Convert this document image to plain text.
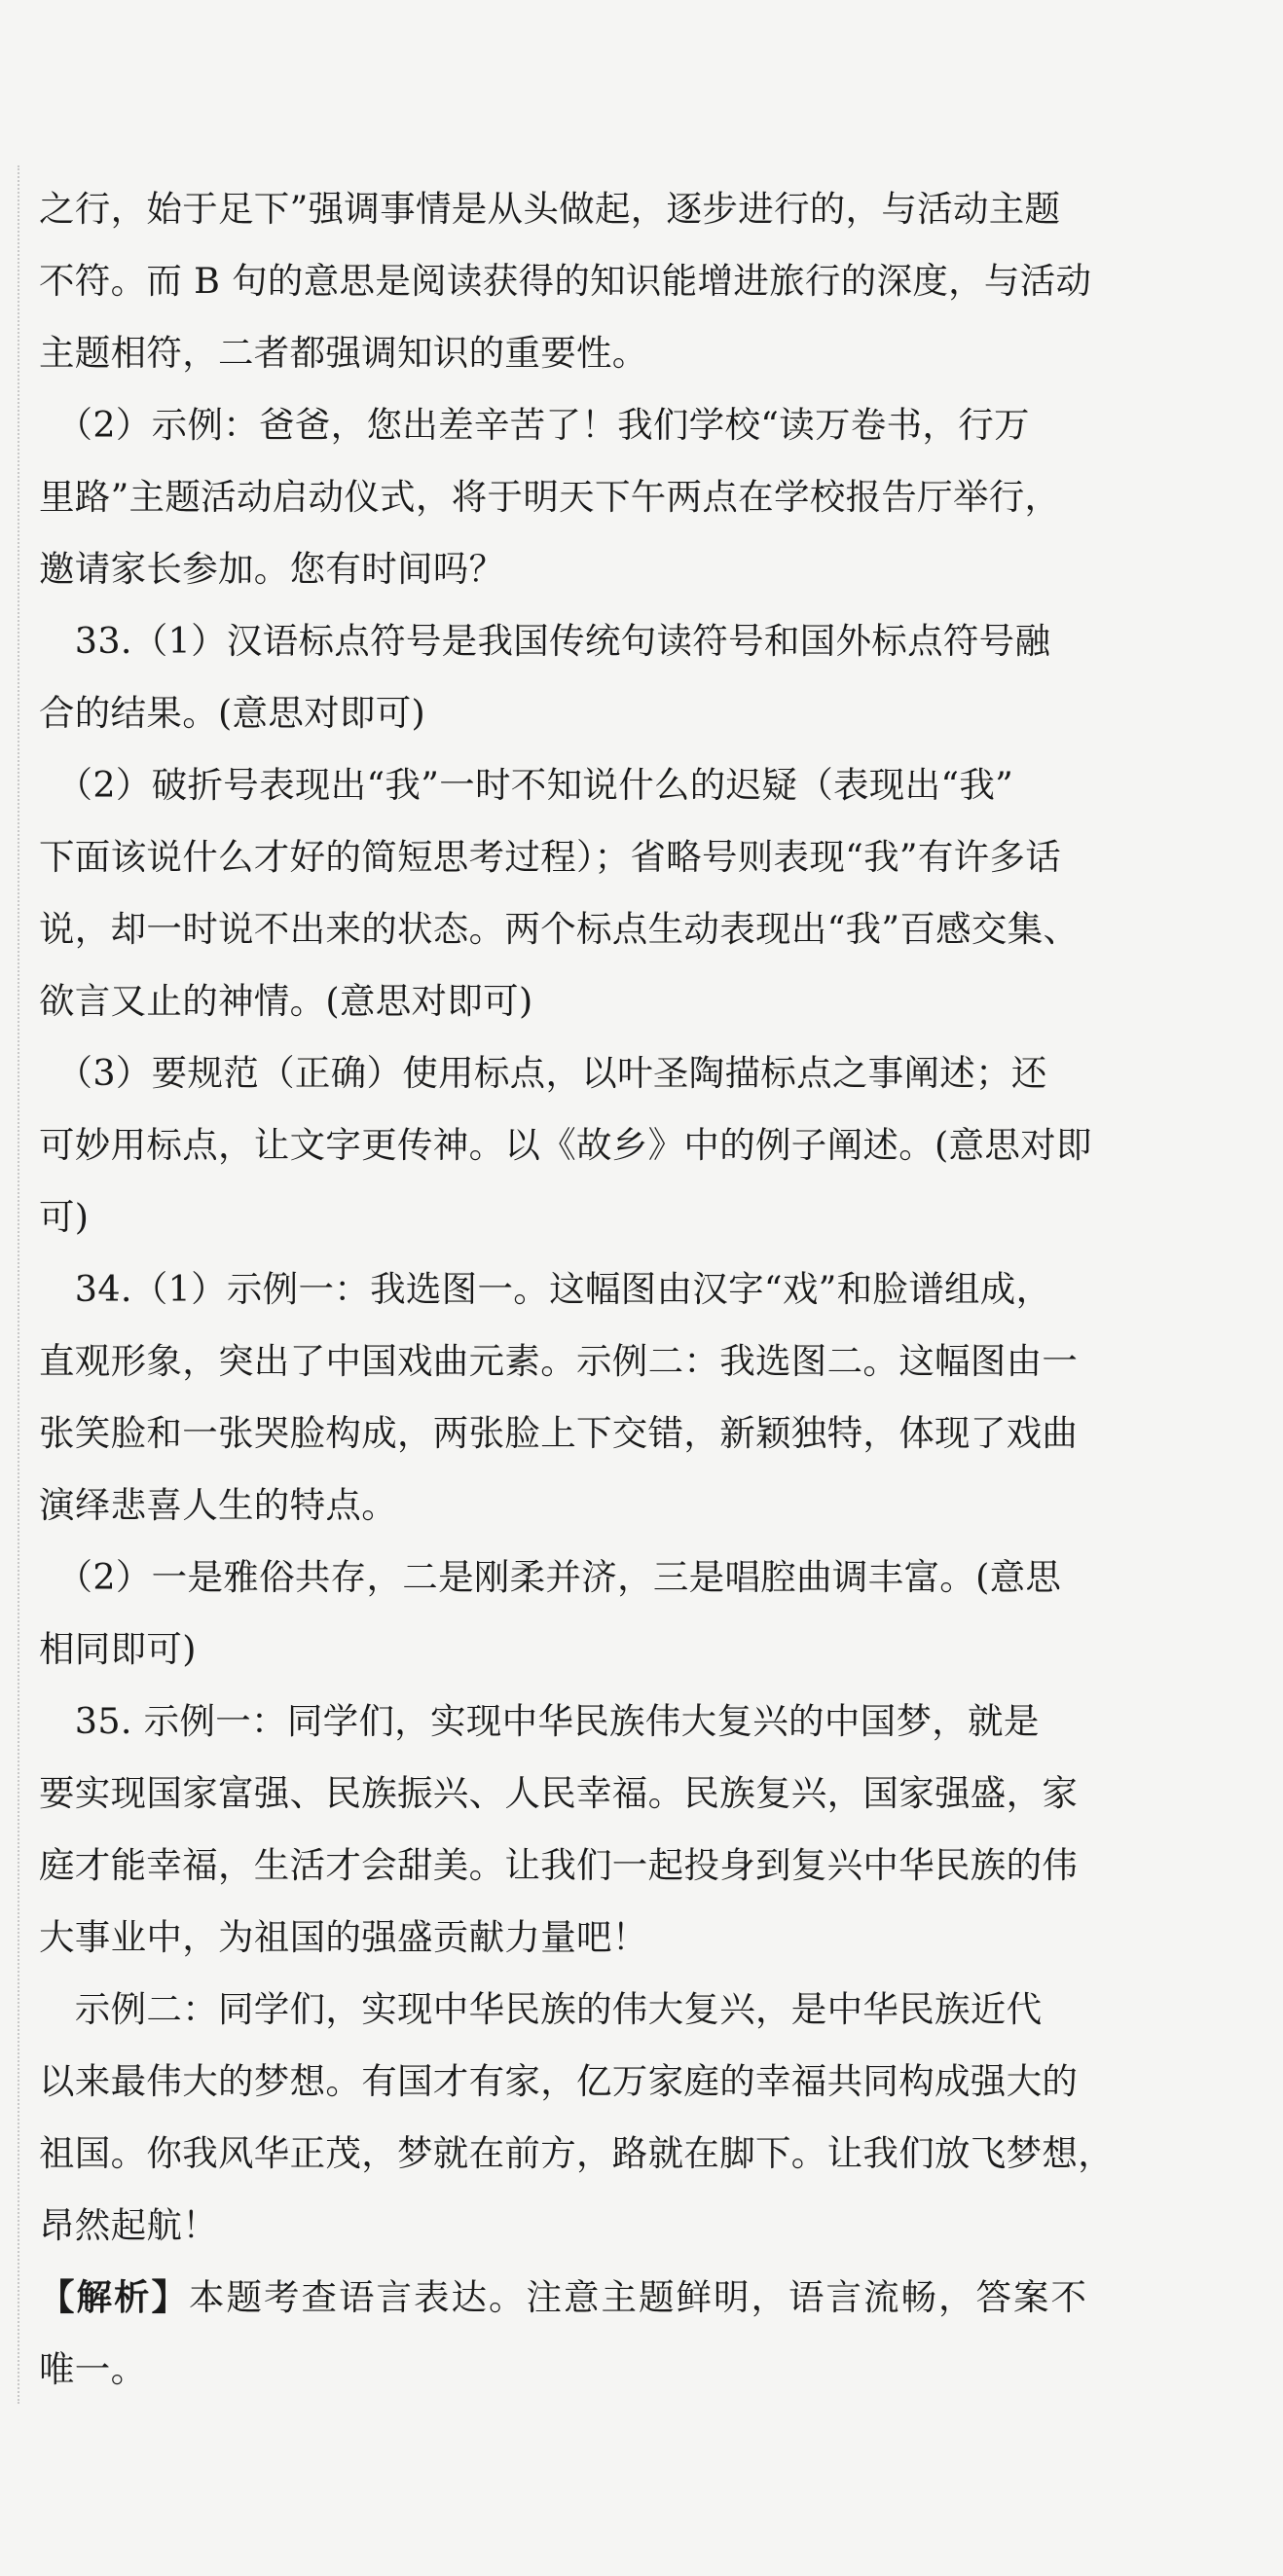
之行，始于足下”强调事情是从头做起，逐步进行的，与活动主题
不符。而 B 句的意思是阅读获得的知识能增进旅行的深度，与活动
主题相符，二者都强调知识的重要性。

　（2）示例：爸爸，您出差辛苦了！我们学校“读万卷书，行万
里路”主题活动启动仪式，将于明天下午两点在学校报告厅举行，
邀请家长参加。您有时间吗？

　33.（1）汉语标点符号是我国传统句读符号和国外标点符号融
合的结果。(意思对即可)

　（2）破折号表现出“我”一时不知说什么的迟疑（表现出“我”
下面该说什么才好的简短思考过程）；省略号则表现“我”有许多话
说，却一时说不出来的状态。两个标点生动表现出“我”百感交集、
欲言又止的神情。(意思对即可)

　（3）要规范（正确）使用标点，以叶圣陶描标点之事阐述；还
可妙用标点，让文字更传神。以《故乡》中的例子阐述。(意思对即
可)

　34.（1）示例一：我选图一。这幅图由汉字“戏”和脸谱组成，
直观形象，突出了中国戏曲元素。示例二：我选图二。这幅图由一
张笑脸和一张哭脸构成，两张脸上下交错，新颖独特，体现了戏曲
演绎悲喜人生的特点。

　（2）一是雅俗共存，二是刚柔并济，三是唱腔曲调丰富。(意思
相同即可)

　35. 示例一：同学们，实现中华民族伟大复兴的中国梦，就是
要实现国家富强、民族振兴、人民幸福。民族复兴，国家强盛，家
庭才能幸福，生活才会甜美。让我们一起投身到复兴中华民族的伟
大事业中，为祖国的强盛贡献力量吧！

　示例二：同学们，实现中华民族的伟大复兴，是中华民族近代
以来最伟大的梦想。有国才有家，亿万家庭的幸福共同构成强大的
祖国。你我风华正茂，梦就在前方，路就在脚下。让我们放飞梦想，
昂然起航！

【解析】本题考查语言表达。注意主题鲜明，语言流畅，答案不
唯一。
